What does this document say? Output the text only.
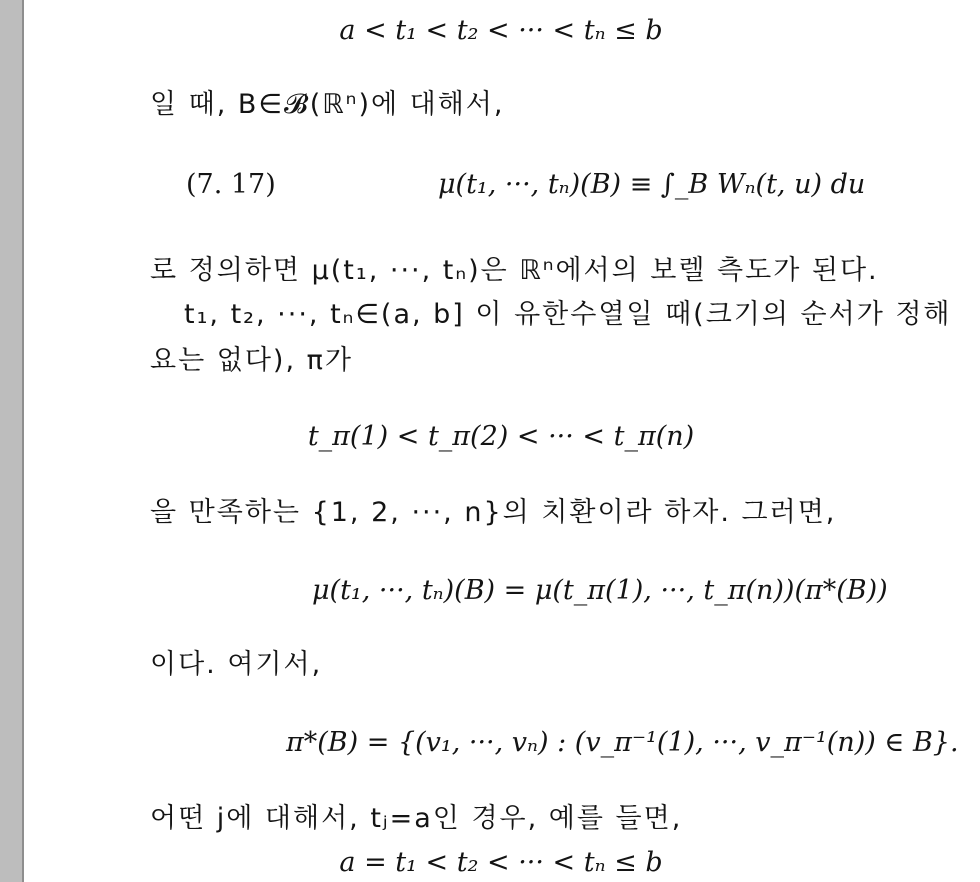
a < t₁ < t₂ < ··· < tₙ ≤ b
일 때, B∈𝓑(ℝⁿ)에 대해서,
(7. 17)	μ(t₁, ···, tₙ)(B) ≡ ∫_B Wₙ(t, u) du
로 정의하면 μ(t₁, ···, tₙ)은 ℝⁿ에서의 보렐 측도가 된다.
t₁, t₂, ···, tₙ∈(a, b] 이 유한수열일 때(크기의 순서가 정해
요는 없다), π가
t_π(1) < t_π(2) < ··· < t_π(n)
을 만족하는 {1, 2, ···, n}의 치환이라 하자. 그러면,
μ(t₁, ···, tₙ)(B) = μ(t_π(1), ···, t_π(n))(π*(B))
이다. 여기서,
π*(B) = {(v₁, ···, vₙ) : (v_π⁻¹(1), ···, v_π⁻¹(n)) ∈ B}.
어떤 j에 대해서, tⱼ=a인 경우, 예를 들면,
a = t₁ < t₂ < ··· < tₙ ≤ b
